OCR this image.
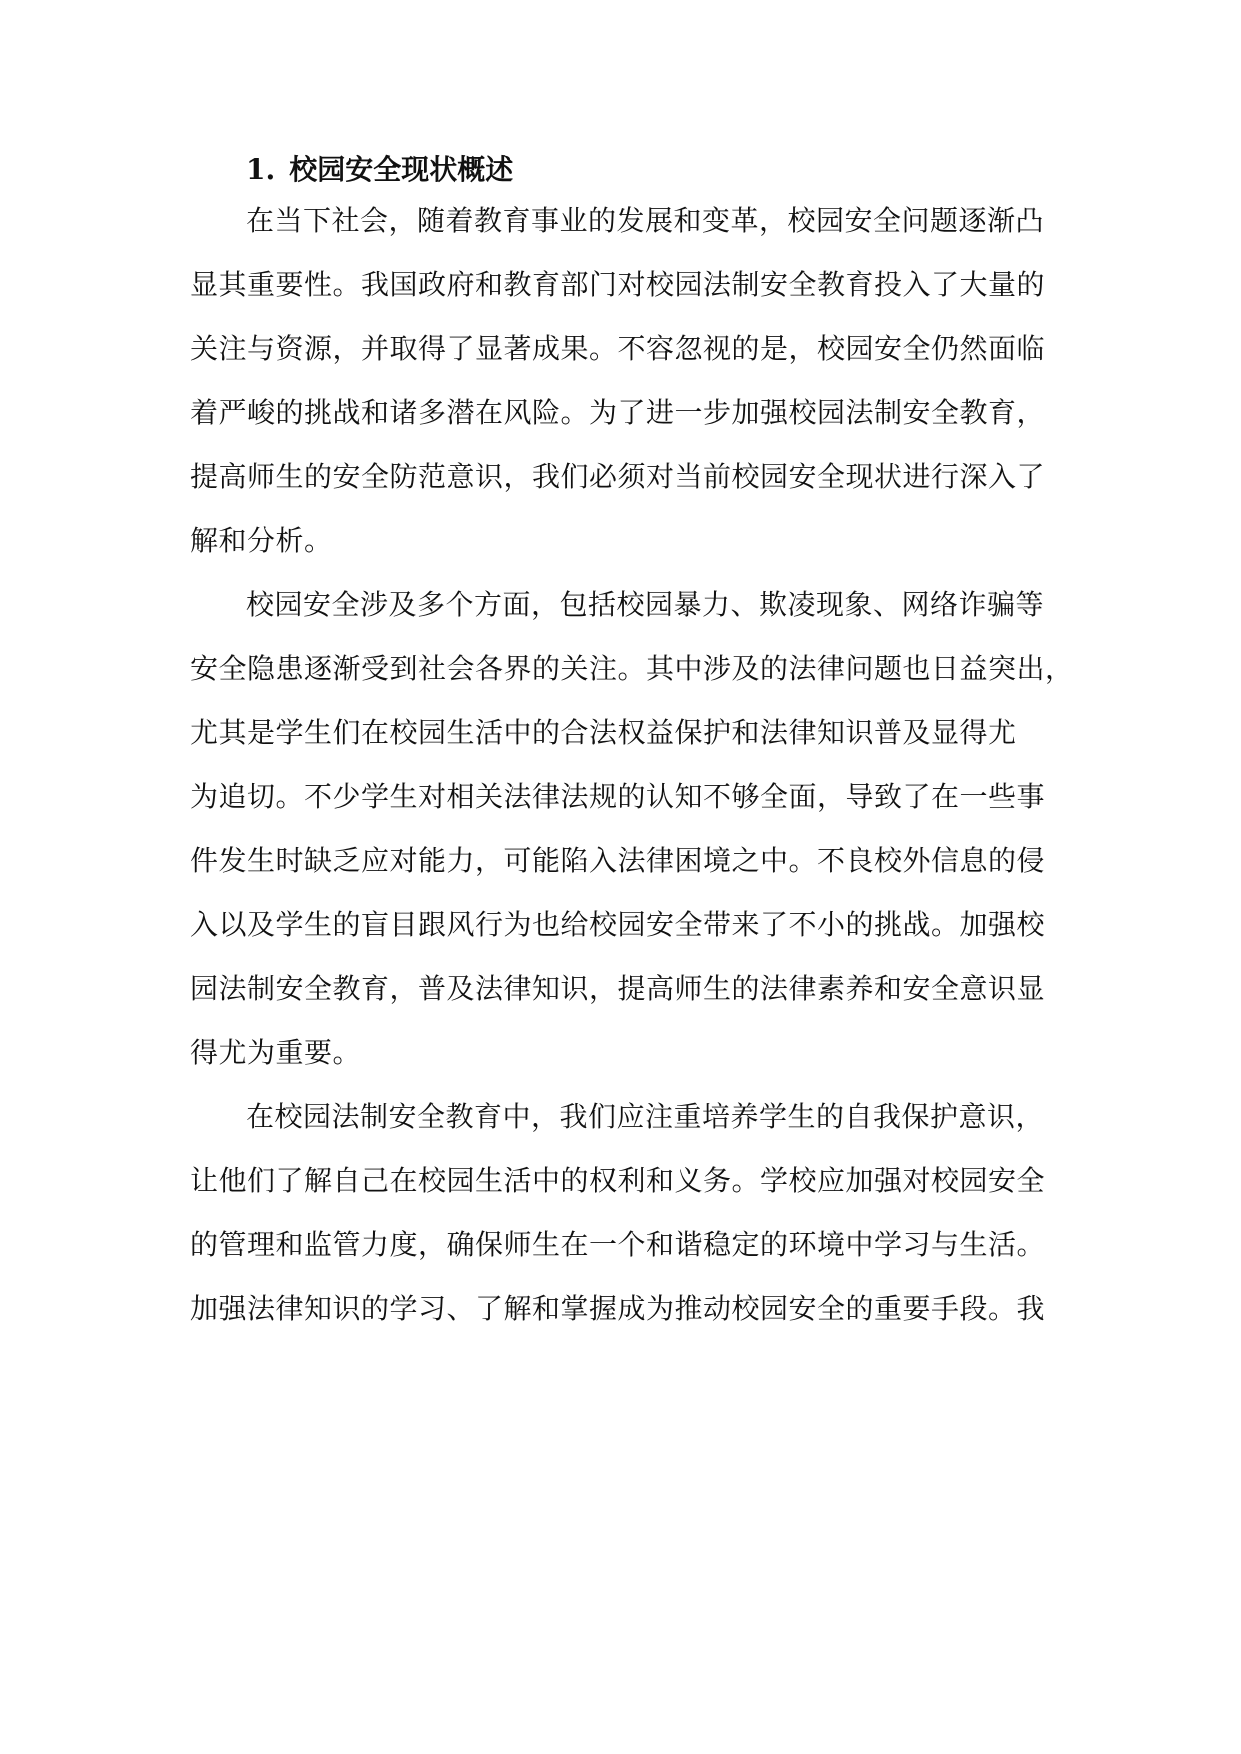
1. 校园安全现状概述
在当下社会，随着教育事业的发展和变革，校园安全问题逐渐凸
显其重要性。我国政府和教育部门对校园法制安全教育投入了大量的
关注与资源，并取得了显著成果。不容忽视的是，校园安全仍然面临
着严峻的挑战和诸多潜在风险。为了进一步加强校园法制安全教育，
提高师生的安全防范意识，我们必须对当前校园安全现状进行深入了
解和分析。
校园安全涉及多个方面，包括校园暴力、欺凌现象、网络诈骗等
安全隐患逐渐受到社会各界的关注。其中涉及的法律问题也日益突出，
尤其是学生们在校园生活中的合法权益保护和法律知识普及显得尤
为追切。不少学生对相关法律法规的认知不够全面，导致了在一些事
件发生时缺乏应对能力，可能陷入法律困境之中。不良校外信息的侵
入以及学生的盲目跟风行为也给校园安全带来了不小的挑战。加强校
园法制安全教育，普及法律知识，提高师生的法律素养和安全意识显
得尤为重要。
在校园法制安全教育中，我们应注重培养学生的自我保护意识，
让他们了解自己在校园生活中的权利和义务。学校应加强对校园安全
的管理和监管力度，确保师生在一个和谐稳定的环境中学习与生活。
加强法律知识的学习、了解和掌握成为推动校园安全的重要手段。我
